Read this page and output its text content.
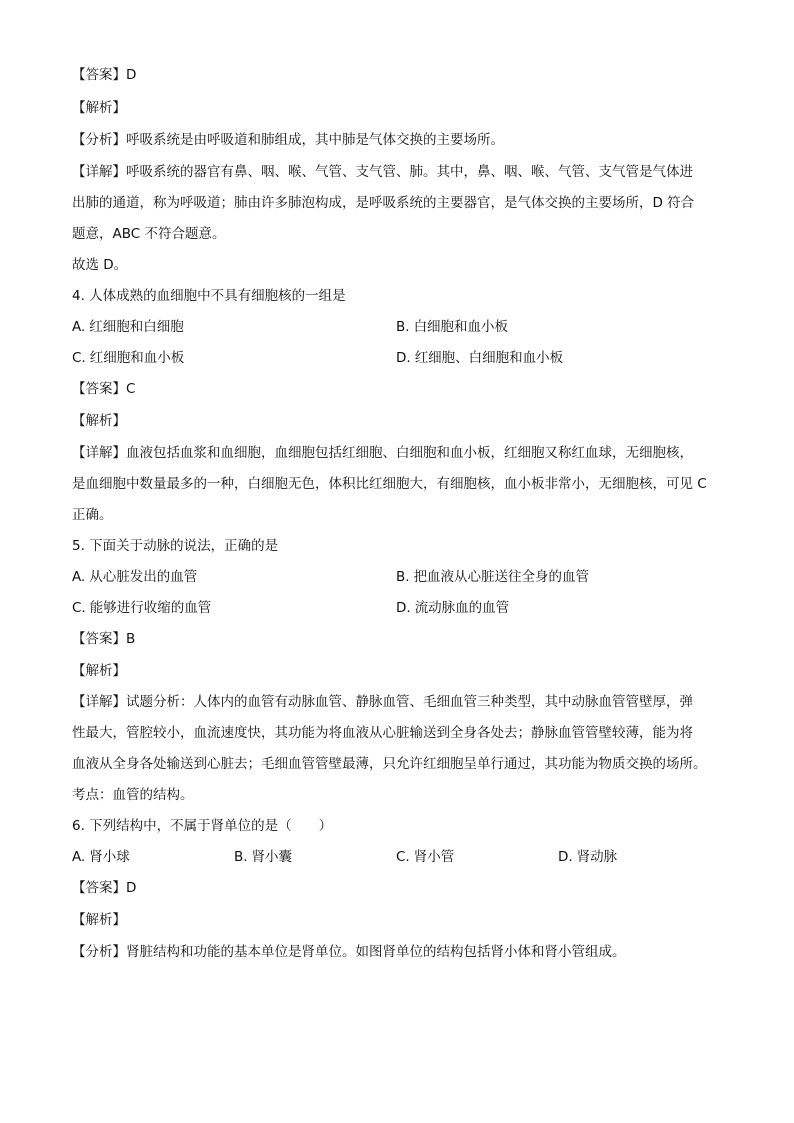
【答案】D
【解析】
【分析】呼吸系统是由呼吸道和肺组成，其中肺是气体交换的主要场所。
【详解】呼吸系统的器官有鼻、咽、喉、气管、支气管、肺。其中，鼻、咽、喉、气管、支气管是气体进
出肺的通道，称为呼吸道；肺由许多肺泡构成，是呼吸系统的主要器官，是气体交换的主要场所，D 符合
题意，ABC 不符合题意。
故选 D。
4. 人体成熟的血细胞中不具有细胞核的一组是
A. 红细胞和白细胞	B. 白细胞和血小板
C. 红细胞和血小板	D. 红细胞、白细胞和血小板
【答案】C
【解析】
【详解】血液包括血浆和血细胞，血细胞包括红细胞、白细胞和血小板，红细胞又称红血球，无细胞核，
是血细胞中数量最多的一种，白细胞无色，体积比红细胞大，有细胞核，血小板非常小，无细胞核，可见 C
正确。
5. 下面关于动脉的说法，正确的是
A. 从心脏发出的血管	B. 把血液从心脏送往全身的血管
C. 能够进行收缩的血管	D. 流动脉血的血管
【答案】B
【解析】
【详解】试题分析：人体内的血管有动脉血管、静脉血管、毛细血管三种类型，其中动脉血管管壁厚，弹
性最大，管腔较小，血流速度快，其功能为将血液从心脏输送到全身各处去；静脉血管管壁较薄，能为将
血液从全身各处输送到心脏去；毛细血管管壁最薄，只允许红细胞呈单行通过，其功能为物质交换的场所。
考点：血管的结构。
6. 下列结构中，不属于肾单位的是（　　）
A. 肾小球	B. 肾小囊	C. 肾小管	D. 肾动脉
【答案】D
【解析】
【分析】肾脏结构和功能的基本单位是肾单位。如图肾单位的结构包括肾小体和肾小管组成。
